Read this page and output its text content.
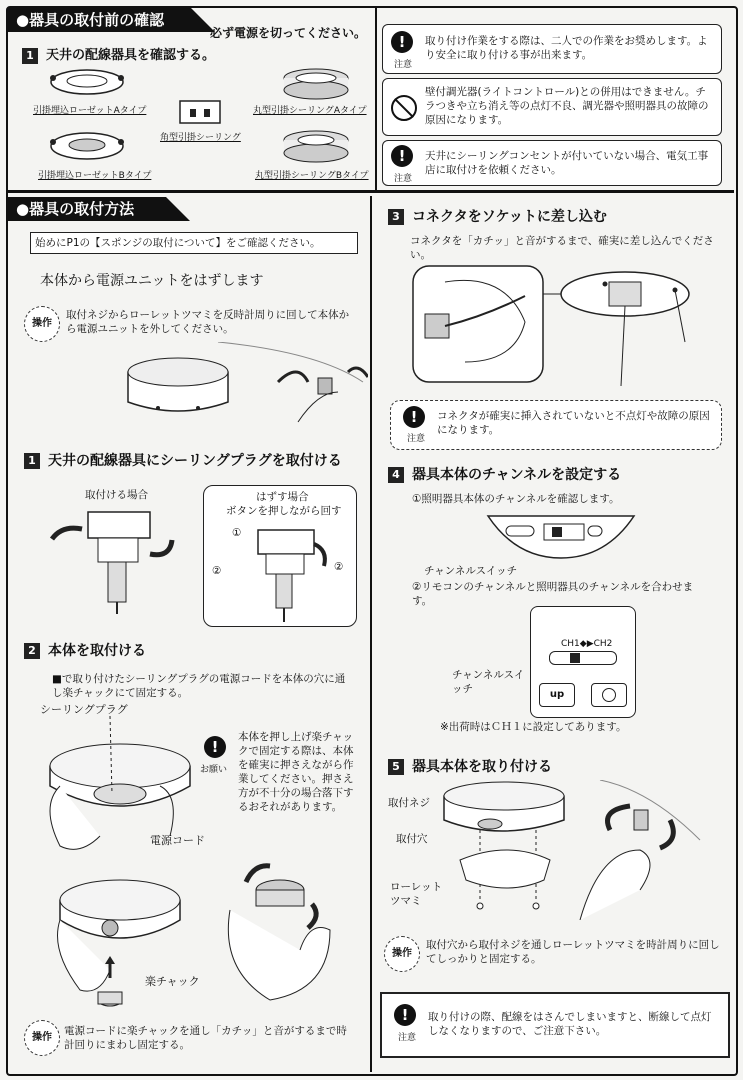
●器具の取付前の確認
必ず電源を切ってください。
1 天井の配線器具を確認する。
引掛埋込ローゼットAタイプ
角型引掛シーリング
丸型引掛シーリングAタイプ
引掛埋込ローゼットBタイプ	丸型引掛シーリングBタイプ
!
注意
取り付け作業をする際は、二人での作業をお奨めします。より安全に取り付ける事が出来ます。
壁付調光器(ライトコントロール)との併用はできません。チラつきや立ち消え等の点灯不良、調光器や照明器具の故障の原因になります。
!
注意
天井にシーリングコンセントが付いていない場合、電気工事店に取付けを依頼ください。
●器具の取付方法
始めにP1の【スポンジの取付について】をご確認ください。
本体から電源ユニットをはずします
操作
取付ネジからローレットツマミを反時計周りに回して本体から電源ユニットを外してください。
1 天井の配線器具にシーリングプラグを取付ける
取付ける場合	はずす場合
ボタンを押しながら回す
①
②	②
2 本体を取付ける
■で取り付けたシーリングプラグの電源コードを本体の穴に通し楽チャックにて固定する。
シーリングプラグ
電源コード
!
お願い
本体を押し上げ楽チャックで固定する際は、本体を確実に押さえながら作業してください。押さえ方が不十分の場合落下するおそれがあります。
楽チャック
操作
電源コードに楽チャックを通し「カチッ」と音がするまで時計回りにまわし固定する。
3 コネクタをソケットに差し込む
コネクタを「カチッ」と音がするまで、確実に差し込んでください。
!
注意
コネクタが確実に挿入されていないと不点灯や故障の原因になります。
4 器具本体のチャンネルを設定する
①照明器具本体のチャンネルを確認します。
チャンネルスイッチ
②リモコンのチャンネルと照明器具のチャンネルを合わせます。
CH1◆▶CH2
up
チャンネルスイッチ
※出荷時はＣＨ１に設定してあります。
5 器具本体を取り付ける
取付ネジ
取付穴
ローレットツマミ
操作
取付穴から取付ネジを通しローレットツマミを時計周りに回してしっかりと固定する。
!
注意
取り付けの際、配線をはさんでしまいますと、断線して点灯しなくなりますので、ご注意下さい。
